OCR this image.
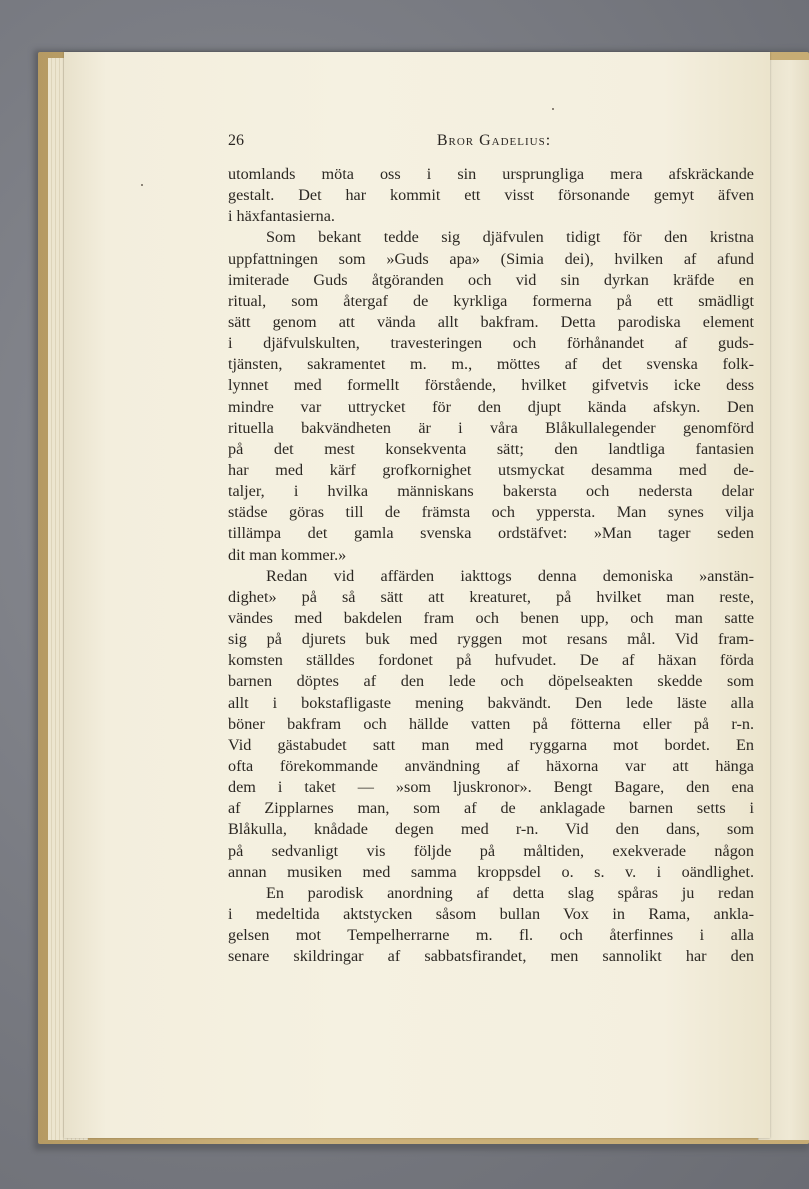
26	Bror Gadelius:
utomlands möta oss i sin ursprungliga mera afskräckande
gestalt. Det har kommit ett visst försonande gemyt äfven
i häxfantasierna.
Som bekant tedde sig djäfvulen tidigt för den kristna
uppfattningen som »Guds apa» (Simia dei), hvilken af afund
imiterade Guds åtgöranden och vid sin dyrkan kräfde en
ritual, som återgaf de kyrkliga formerna på ett smädligt
sätt genom att vända allt bakfram. Detta parodiska element
i djäfvulskulten, travesteringen och förhånandet af guds-
tjänsten, sakramentet m. m., möttes af det svenska folk-
lynnet med formellt förstående, hvilket gifvetvis icke dess
mindre var uttrycket för den djupt kända afskyn. Den
rituella bakvändheten är i våra Blåkullalegender genomförd
på det mest konsekventa sätt; den landtliga fantasien
har med kärf grofkornighet utsmyckat desamma med de-
taljer, i hvilka människans bakersta och nedersta delar
städse göras till de främsta och yppersta. Man synes vilja
tillämpa det gamla svenska ordstäfvet: »Man tager seden
dit man kommer.»
Redan vid affärden iakttogs denna demoniska »anstän-
dighet» på så sätt att kreaturet, på hvilket man reste,
vändes med bakdelen fram och benen upp, och man satte
sig på djurets buk med ryggen mot resans mål. Vid fram-
komsten ställdes fordonet på hufvudet. De af häxan förda
barnen döptes af den lede och döpelseakten skedde som
allt i bokstafligaste mening bakvändt. Den lede läste alla
böner bakfram och hällde vatten på fötterna eller på r-n.
Vid gästabudet satt man med ryggarna mot bordet. En
ofta förekommande användning af häxorna var att hänga
dem i taket — »som ljuskronor». Bengt Bagare, den ena
af Zipplarnes man, som af de anklagade barnen setts i
Blåkulla, knådade degen med r-n. Vid den dans, som
på sedvanligt vis följde på måltiden, exekverade någon
annan musiken med samma kroppsdel o. s. v. i oändlighet.
En parodisk anordning af detta slag spåras ju redan
i medeltida aktstycken såsom bullan Vox in Rama, ankla-
gelsen mot Tempelherrarne m. fl. och återfinnes i alla
senare skildringar af sabbatsfirandet, men sannolikt har den
